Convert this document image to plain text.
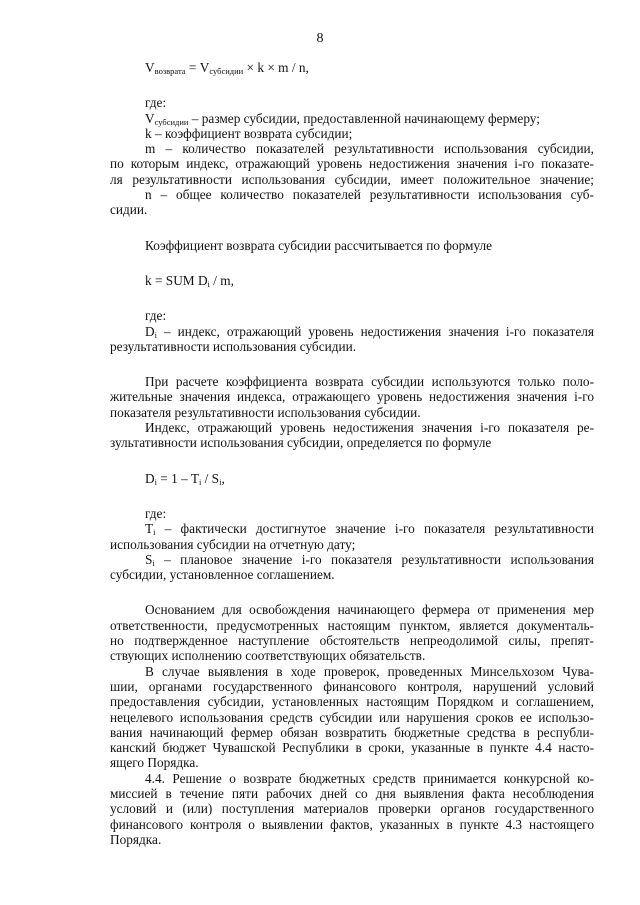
8

$V_{возврата} = V_{субсидии} \times k \times m / n$,

где:

$V_{субсидии}$ – размер субсидии, предоставленной начинающему фермеру;

k – коэффициент возврата субсидии;

m – количество показателей результативности использования субсидии,

по которым индекс, отражающий уровень недостижения значения i-го показате-

ля результативности использования субсидии, имеет положительное значение;

n – общее количество показателей результативности использования суб-

сидии.

Коэффициент возврата субсидии рассчитывается по формуле

k = SUM $D_i$ / m,

где:

$D_i$ – индекс, отражающий уровень недостижения значения i-го показателя

результативности использования субсидии.

При расчете коэффициента возврата субсидии используются только поло-

жительные значения индекса, отражающего уровень недостижения значения i-го

показателя результативности использования субсидии.

Индекс, отражающий уровень недостижения значения i-го показателя ре-

зультативности использования субсидии, определяется по формуле

$D_i = 1 - T_i / S_i$,

где:

$T_i$ – фактически достигнутое значение i-го показателя результативности

использования субсидии на отчетную дату;

$S_i$ – плановое значение i-го показателя результативности использования

субсидии, установленное соглашением.

Основанием для освобождения начинающего фермера от применения мер

ответственности, предусмотренных настоящим пунктом, является документаль-

но подтвержденное наступление обстоятельств непреодолимой силы, препят-

ствующих исполнению соответствующих обязательств.

В случае выявления в ходе проверок, проведенных Минсельхозом Чува-

шии, органами государственного финансового контроля, нарушений условий

предоставления субсидии, установленных настоящим Порядком и соглашением,

нецелевого использования средств субсидии или нарушения сроков ее использо-

вания начинающий фермер обязан возвратить бюджетные средства в республи-

канский бюджет Чувашской Республики в сроки, указанные в пункте 4.4 насто-

ящего Порядка.

4.4. Решение о возврате бюджетных средств принимается конкурсной ко-

миссией в течение пяти рабочих дней со дня выявления факта несоблюдения

условий и (или) поступления материалов проверки органов государственного

финансового контроля о выявлении фактов, указанных в пункте 4.3 настоящего

Порядка.
